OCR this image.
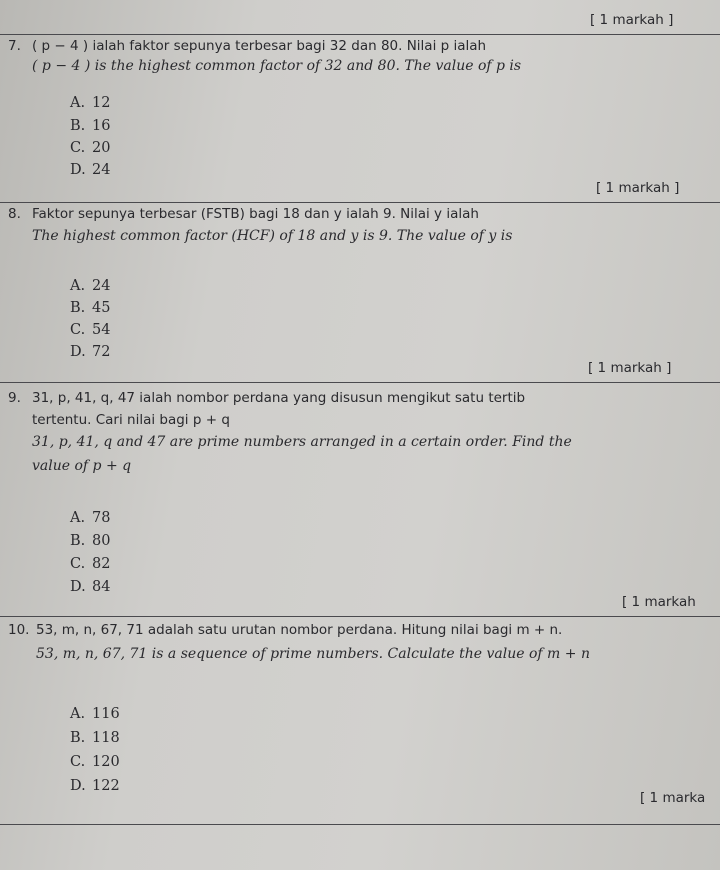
[ 1 markah ]
7. ( p − 4 ) ialah faktor sepunya terbesar bagi 32 dan 80. Nilai p ialah
( p − 4 ) is the highest common factor of 32 and 80. The value of p is
A. 12
B. 16
C. 20
D. 24
[ 1 markah ]
8. Faktor sepunya terbesar (FSTB) bagi 18 dan y ialah 9. Nilai y ialah
The highest common factor (HCF) of 18 and y is 9. The value of y is
A. 24
B. 45
C. 54
D. 72
[ 1 markah ]
9. 31, p, 41, q, 47 ialah nombor perdana yang disusun mengikut satu tertib
tertentu. Cari nilai bagi p + q
31, p, 41, q and 47 are prime numbers arranged in a certain order. Find the
value of p + q
A. 78
B. 80
C. 82
D. 84
[ 1 markah
10. 53, m, n, 67, 71 adalah satu urutan nombor perdana. Hitung nilai bagi m + n.
53, m, n, 67, 71 is a sequence of prime numbers. Calculate the value of m + n
A. 116
B. 118
C. 120
D. 122
[ 1 marka
